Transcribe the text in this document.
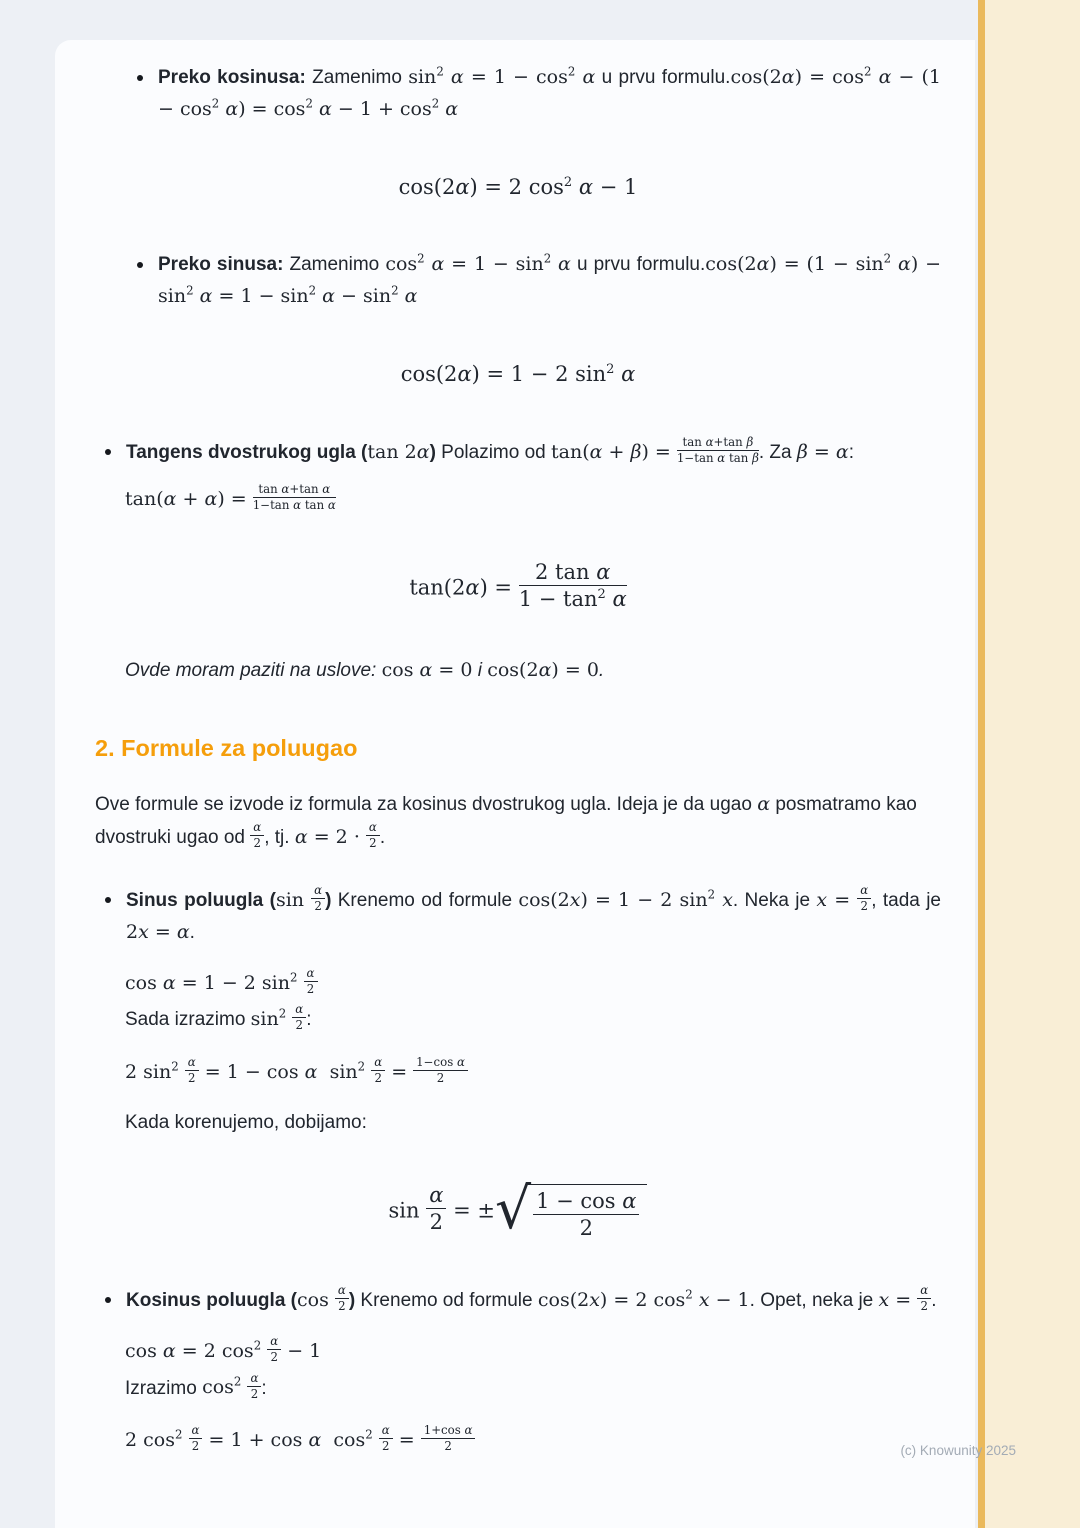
Preko kosinusa: Zamenimo $\sin^2 \alpha = 1 - \cos^2 \alpha$ u prvu formulu.cos(2α) = $\cos^2 \alpha - (1 - \cos^2 \alpha) = \cos^2 \alpha - 1 + \cos^2 \alpha$
cos(2α) = 2 $\cos^2 \alpha - 1$
Preko sinusa: Zamenimo $\cos^2 \alpha = 1 - \sin^2 \alpha$ u prvu formulu.cos(2α) = $(1 - \sin^2 \alpha) - \sin^2 \alpha = 1 - \sin^2 \alpha - \sin^2 \alpha$
cos(2α) = 1 − 2 $\sin^2 \alpha$
Tangens dvostrukog ugla (tan 2α) Polazimo od $\tan(\alpha + \beta) = \frac{\text{tan α+tan β}}{\text{1−tan α tan β}}$ . Za β = α:
$\tan(\alpha + \alpha) = \frac{\text{tan α+tan α}}{\text{1−tan α tan α}}$
$\tan(2\alpha) = \frac{\text{2 tan α}}{1 - \tan^2 \alpha}$
Ovde moram paziti na uslove: cos α = 0 i cos(2α) = 0.
2. Formule za poluugao

Ove formule se izvode iz formula za kosinus dvostrukog ugla. Ideja je da ugao α posmatramo kao dvostruki ugao od $\frac{\alpha}{2}$ , tj. $\alpha = 2 \cdot \frac{\alpha}{2}$ .

Sinus poluugla ($\sin \frac{\alpha}{2}$ ) Krenemo od formule cos(2x) = 1 − 2 $\sin^2 x$. Neka je $x = \frac{\alpha}{2}$ , tada je 2x = α.
cos α = 1 − 2 $\sin^2 \frac{\alpha}{2}$
Sada izrazimo $\sin^2 \frac{\alpha}{2}$ :
2 $\sin^2 \frac{\alpha}{2} = 1 - \cos \alpha$  $\sin^2 \frac{\alpha}{2} = \frac{\text{1−cos α}}{2}$
Kada korenujemo, dobijamo:
$\sin \frac{\alpha}{2}$ = ± √ $\frac{\text{1 − cos α}}{2}$
Kosinus poluugla ($\cos \frac{\alpha}{2}$ ) Krenemo od formule cos(2x) = 2 $\cos^2 x - 1$. Opet, neka je $x = \frac{\alpha}{2}$ .
cos α = 2 $\cos^2 \frac{\alpha}{2} - 1$
Izrazimo $\cos^2 \frac{\alpha}{2}$ :
2 $\cos^2 \frac{\alpha}{2} = 1 + \cos \alpha$  $\cos^2 \frac{\alpha}{2} = \frac{\text{1+cos α}}{2}$	(c) Knowunity 2025
